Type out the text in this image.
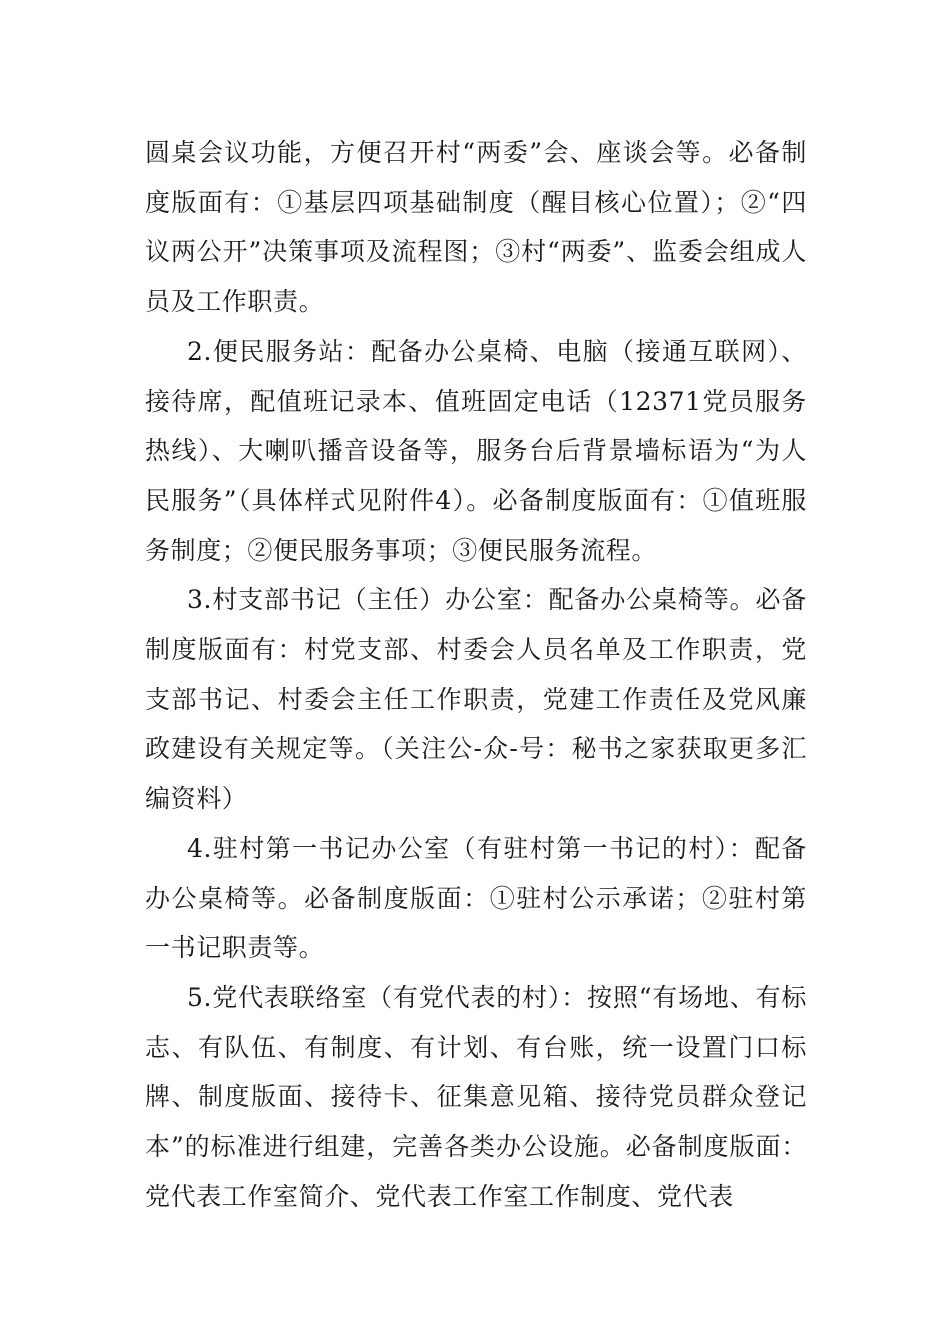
圆桌会议功能，方便召开村“两委”会、座谈会等。必备制度版面有：①基层四项基础制度（醒目核心位置）；②“四议两公开”决策事项及流程图；③村“两委”、监委会组成人员及工作职责。

2.便民服务站：配备办公桌椅、电脑（接通互联网）、接待席，配值班记录本、值班固定电话（12371党员服务热线）、大喇叭播音设备等，服务台后背景墙标语为“为人民服务”（具体样式见附件4）。必备制度版面有：①值班服务制度；②便民服务事项；③便民服务流程。

3.村支部书记（主任）办公室：配备办公桌椅等。必备制度版面有：村党支部、村委会人员名单及工作职责，党支部书记、村委会主任工作职责，党建工作责任及党风廉政建设有关规定等。（关注公-众-号：秘书之家获取更多汇编资料）

4.驻村第一书记办公室（有驻村第一书记的村）：配备办公桌椅等。必备制度版面：①驻村公示承诺；②驻村第一书记职责等。

5.党代表联络室（有党代表的村）：按照“有场地、有标志、有队伍、有制度、有计划、有台账，统一设置门口标牌、制度版面、接待卡、征集意见箱、接待党员群众登记本”的标准进行组建，完善各类办公设施。必备制度版面：党代表工作室简介、党代表工作室工作制度、党代表
